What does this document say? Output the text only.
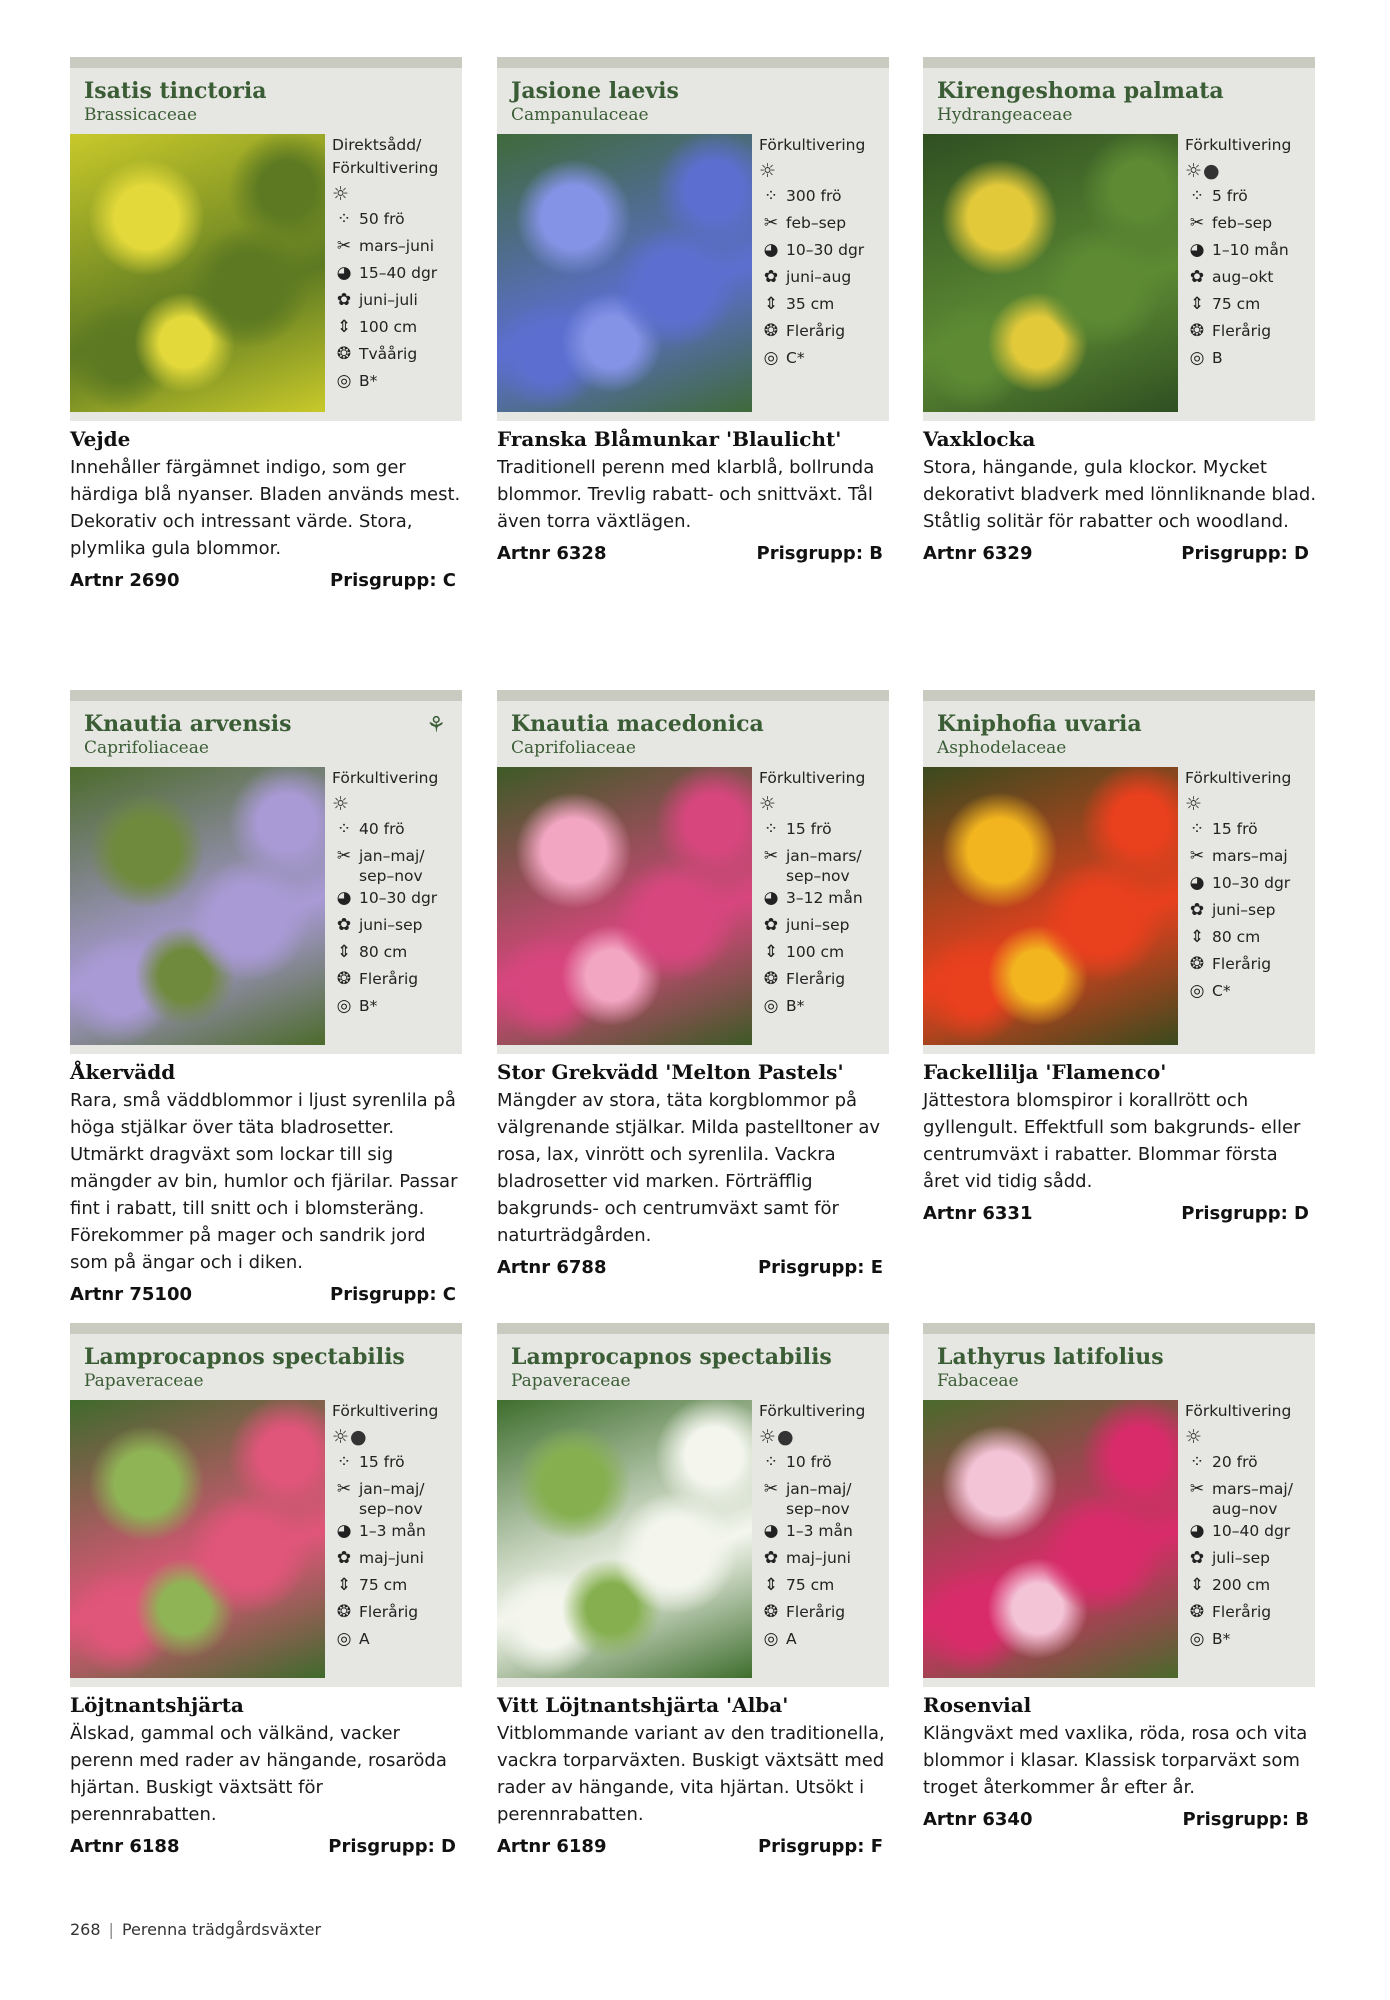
Isatis tinctoria
Brassicaceae
Direktsådd/ Förkultivering
☼
⁘ 50 frö
✂ mars–juni
◕ 15–40 dgr
✿ juni–juli
⇕ 100 cm
❂ Tvåårig
◎ B*
Vejde
Innehåller färgämnet indigo, som ger härdiga blå nyanser. Bladen används mest. Dekorativ och intressant värde. Stora, plymlika gula blommor.
Artnr 2690	Prisgrupp: C
Jasione laevis
Campanulaceae
Förkultivering
☼
⁘ 300 frö
✂ feb–sep
◕ 10–30 dgr
✿ juni–aug
⇕ 35 cm
❂ Flerårig
◎ C*
Franska Blåmunkar 'Blaulicht'
Traditionell perenn med klarblå, bollrunda blommor. Trevlig rabatt- och snittväxt. Tål även torra växtlägen.
Artnr 6328	Prisgrupp: B
Kirengeshoma palmata
Hydrangeaceae
Förkultivering
☼●
⁘ 5 frö
✂ feb–sep
◕ 1–10 mån
✿ aug–okt
⇕ 75 cm
❂ Flerårig
◎ B
Vaxklocka
Stora, hängande, gula klockor. Mycket dekorativt bladverk med lönnliknande blad. Ståtlig solitär för rabatter och woodland.
Artnr 6329	Prisgrupp: D
Knautia arvensis
Caprifoliaceae
⚘
Förkultivering
☼
⁘ 40 frö
✂ jan–maj/ sep–nov
◕ 10–30 dgr
✿ juni–sep
⇕ 80 cm
❂ Flerårig
◎ B*
Åkervädd
Rara, små väddblommor i ljust syrenlila på höga stjälkar över täta bladrosetter. Utmärkt dragväxt som lockar till sig mängder av bin, humlor och fjärilar. Passar fint i rabatt, till snitt och i blomsteräng. Förekommer på mager och sandrik jord som på ängar och i diken.
Artnr 75100	Prisgrupp: C
Knautia macedonica
Caprifoliaceae
Förkultivering
☼
⁘ 15 frö
✂ jan–mars/ sep–nov
◕ 3–12 mån
✿ juni–sep
⇕ 100 cm
❂ Flerårig
◎ B*
Stor Grekvädd 'Melton Pastels'
Mängder av stora, täta korgblommor på välgrenande stjälkar. Milda pastelltoner av rosa, lax, vinrött och syrenlila. Vackra bladrosetter vid marken. Förträfflig bakgrunds- och centrumväxt samt för naturträdgården.
Artnr 6788	Prisgrupp: E
Kniphofia uvaria
Asphodelaceae
Förkultivering
☼
⁘ 15 frö
✂ mars–maj
◕ 10–30 dgr
✿ juni–sep
⇕ 80 cm
❂ Flerårig
◎ C*
Fackellilja 'Flamenco'
Jättestora blomspiror i korallrött och gyllengult. Effektfull som bakgrunds- eller centrumväxt i rabatter. Blommar första året vid tidig sådd.
Artnr 6331	Prisgrupp: D
Lamprocapnos spectabilis
Papaveraceae
Förkultivering
☼●
⁘ 15 frö
✂ jan–maj/ sep–nov
◕ 1–3 mån
✿ maj–juni
⇕ 75 cm
❂ Flerårig
◎ A
Löjtnantshjärta
Älskad, gammal och välkänd, vacker perenn med rader av hängande, rosaröda hjärtan. Buskigt växtsätt för perennrabatten.
Artnr 6188	Prisgrupp: D
Lamprocapnos spectabilis
Papaveraceae
Förkultivering
☼●
⁘ 10 frö
✂ jan–maj/ sep–nov
◕ 1–3 mån
✿ maj–juni
⇕ 75 cm
❂ Flerårig
◎ A
Vitt Löjtnantshjärta 'Alba'
Vitblommande variant av den traditionella, vackra torparväxten. Buskigt växtsätt med rader av hängande, vita hjärtan. Utsökt i perennrabatten.
Artnr 6189	Prisgrupp: F
Lathyrus latifolius
Fabaceae
Förkultivering
☼
⁘ 20 frö
✂ mars–maj/ aug–nov
◕ 10–40 dgr
✿ juli–sep
⇕ 200 cm
❂ Flerårig
◎ B*
Rosenvial
Klängväxt med vaxlika, röda, rosa och vita blommor i klasar. Klassisk torparväxt som troget återkommer år efter år.
Artnr 6340	Prisgrupp: B
268 | Perenna trädgårdsväxter
